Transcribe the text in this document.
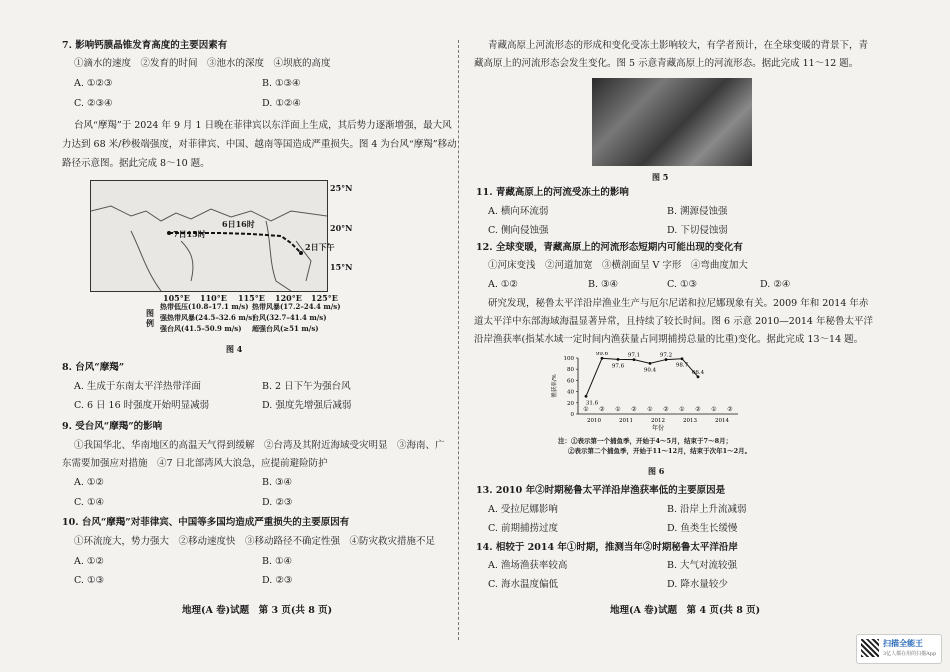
7. 影响钙膜晶锥发育高度的主要因素有
①滴水的速度　②发育的时间　③池水的深度　④坝底的高度
A. ①②③	B. ①③④
C. ②③④	D. ①②④
台风“摩羯”于 2024 年 9 月 1 日晚在菲律宾以东洋面上生成，其后势力逐渐增强，最大风
力达到 68 米/秒极端强度，对菲律宾、中国、越南等国造成严重损失。图 4 为台风“摩羯”移动
路径示意图。据此完成 8～10 题。
25°N
20°N
15°N
105°E 110°E 115°E 120°E 125°E
6日16时
7日15时
2日下午
图例
热带低压(10.8–17.1 m/s)
强热带风暴(24.5–32.6 m/s)
强台风(41.5–50.9 m/s)
热带风暴(17.2–24.4 m/s)
台风(32.7–41.4 m/s)
超强台风(≥51 m/s)
图 4
8. 台风“摩羯”
A. 生成于东南太平洋热带洋面	B. 2 日下午为强台风
C. 6 日 16 时强度开始明显减弱	D. 强度先增强后减弱
9. 受台风“摩羯”的影响
①我国华北、华南地区的高温天气得到缓解　②台湾及其附近海域受灾明显　③海南、广
东需要加强应对措施　④7 日北部湾风大浪急，应提前避险防护
A. ①②	B. ③④
C. ①④	D. ②③
10. 台风“摩羯”对菲律宾、中国等多国均造成严重损失的主要原因有
①环流庞大，势力强大　②移动速度快　③移动路径不确定性强　④防灾救灾措施不足
A. ①②	B. ①④
C. ①③	D. ②③
地理(A 卷)试题　第 3 页(共 8 页)
青藏高原上河流形态的形成和变化受冻土影响较大，有学者预计，在全球变暖的背景下，青
藏高原上的河流形态会发生变化。图 5 示意青藏高原上的河流形态。据此完成 11～12 题。
图 5
11. 青藏高原上的河流受冻土的影响
A. 横向环流弱	B. 溯源侵蚀强
C. 侧向侵蚀强	D. 下切侵蚀弱
12. 全球变暖，青藏高原上的河流形态短期内可能出现的变化有
①河床变浅　②河道加宽　③横剖面呈 V 字形　④弯曲度加大
A. ①②	B. ③④	C. ①③	D. ②④
研究发现，秘鲁太平洋沿岸渔业生产与厄尔尼诺和拉尼娜现象有关。2009 年和 2014 年赤
道太平洋中东部海域海温显著异常，且持续了较长时间。图 6 示意 2010—2014 年秘鲁太平洋
沿岸渔获率(指某水域一定时间内渔获量占同期捕捞总量的比重)变化。据此完成 13～14 题。
0
20
40
60
80
100
渔获率/%
① ② ① ② ① ② ① ② ① ②
2010	2011	2012	2013	2014
年份
31.6
99.6
97.6
97.1
90.4
97.2
98.7
66.4
注：①表示第一个捕鱼季，开始于4～5月，结束于7～8月；
②表示第二个捕鱼季，开始于11～12月，结束于次年1～2月。
图 6
13. 2010 年②时期秘鲁太平洋沿岸渔获率低的主要原因是
A. 受拉尼娜影响	B. 沿岸上升流减弱
C. 前期捕捞过度	D. 鱼类生长缓慢
14. 相较于 2014 年①时期，推测当年②时期秘鲁太平洋沿岸
A. 渔场渔获率较高	B. 大气对流较强
C. 海水温度偏低	D. 降水量较少
地理(A 卷)试题　第 4 页(共 8 页)
扫描全能王
3亿人都在用的扫描App
